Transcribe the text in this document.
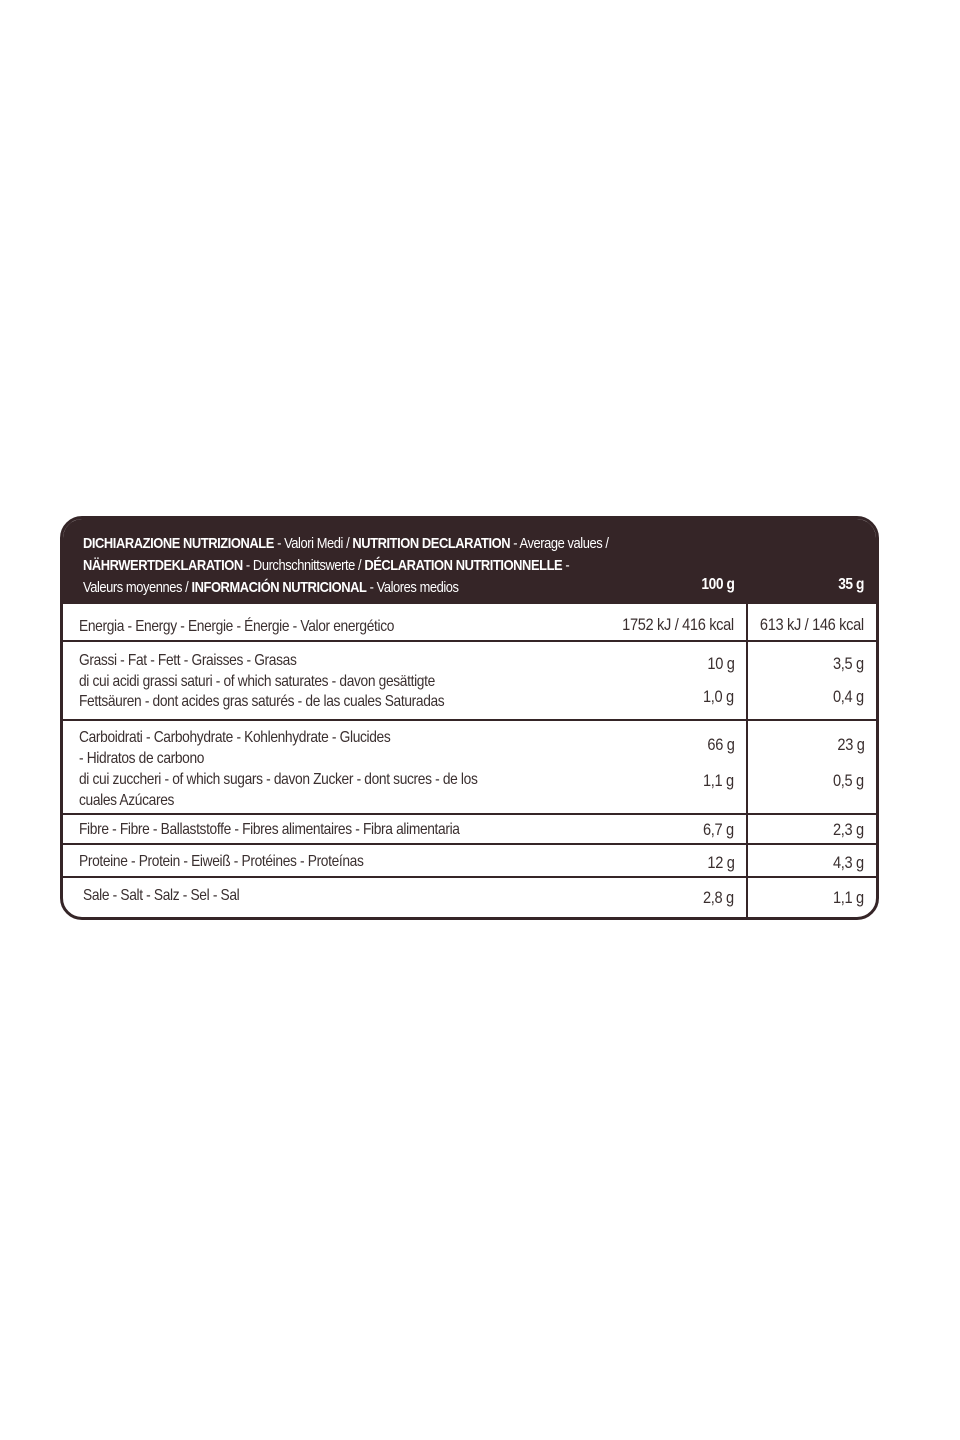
DICHIARAZIONE NUTRIZIONALE - Valori Medi / NUTRITION DECLARATION - Average values /
NÄHRWERTDEKLARATION - Durchschnittswerte / DÉCLARATION NUTRITIONNELLE -
Valeurs moyennes / INFORMACIÓN NUTRICIONAL - Valores medios	100 g	35 g
Energia - Energy - Energie - Énergie - Valor energético	1752 kJ / 416 kcal 613 kJ / 146 kcal
Grassi - Fat - Fett - Graisses - Grasas	10 g	3,5 g
di cui acidi grassi saturi - of which saturates - davon gesättigte
Fettsäuren - dont acides gras saturés - de las cuales Saturadas	1,0 g	0,4 g
Carboidrati - Carbohydrate - Kohlenhydrate - Glucides
- Hidratos de carbono
66 g	23 g
di cui zuccheri - of which sugars - davon Zucker - dont sucres - de los
cuales Azúcares
1,1 g	0,5 g
Fibre - Fibre - Ballaststoffe - Fibres alimentaires - Fibra alimentaria	6,7 g	2,3 g
Proteine - Protein - Eiweiß - Protéines - Proteínas	12 g	4,3 g
Sale - Salt - Salz - Sel - Sal	2,8 g	1,1 g
